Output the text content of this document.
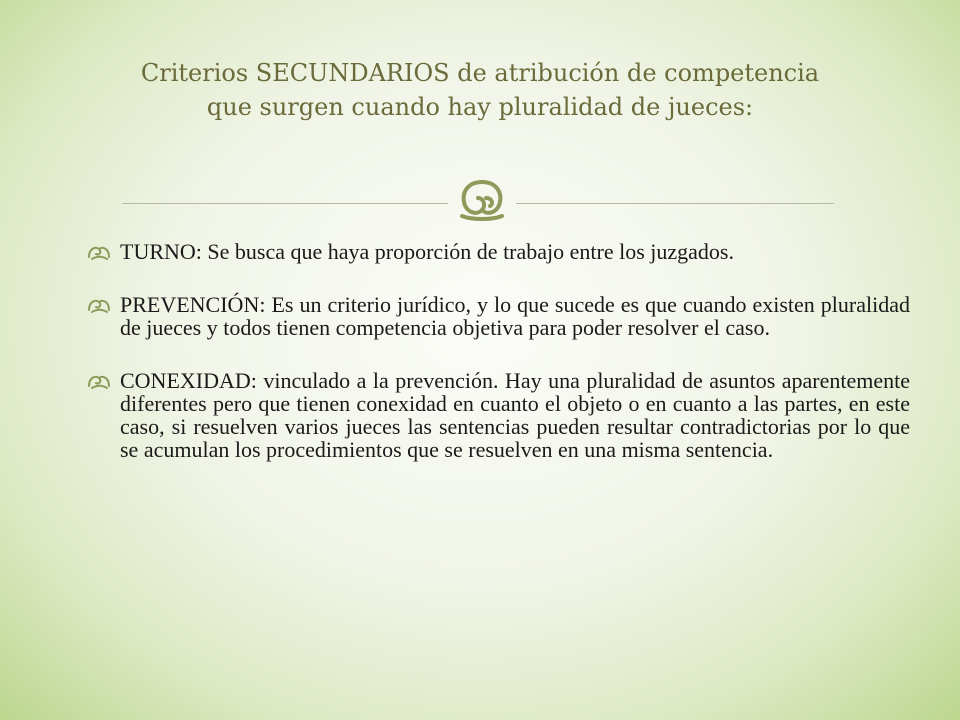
Criterios SECUNDARIOS de atribución de competencia
que surgen cuando hay pluralidad de jueces:
TURNO: Se busca que haya proporción de trabajo entre los juzgados.
PREVENCIÓN: Es un criterio jurídico, y lo que sucede es que cuando existen pluralidad de jueces y todos tienen competencia objetiva para poder resolver el caso.
CONEXIDAD: vinculado a la prevención. Hay una pluralidad de asuntos aparentemente diferentes pero que tienen conexidad en cuanto el objeto o en cuanto a las partes, en este caso, si resuelven varios jueces las sentencias pueden resultar contradictorias por lo que se acumulan los procedimientos que se resuelven en una misma sentencia.
